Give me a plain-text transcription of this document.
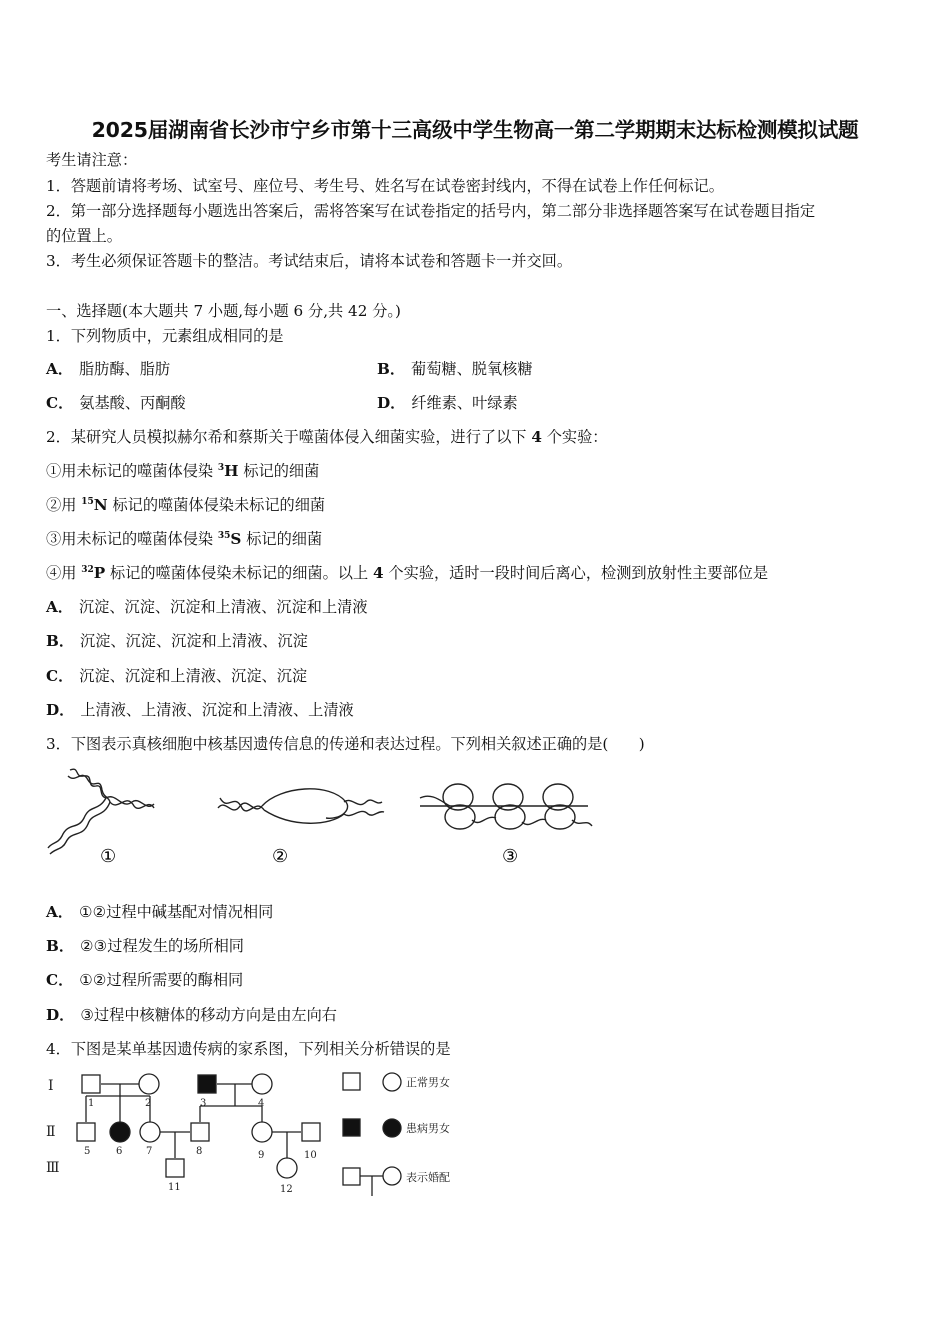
2025届湖南省长沙市宁乡市第十三高级中学生物高一第二学期期末达标检测模拟试题
考生请注意：
1．答题前请将考场、试室号、座位号、考生号、姓名写在试卷密封线内，不得在试卷上作任何标记。
2．第一部分选择题每小题选出答案后，需将答案写在试卷指定的括号内，第二部分非选择题答案写在试卷题目指定
的位置上。
3．考生必须保证答题卡的整洁。考试结束后，请将本试卷和答题卡一并交回。
一、选择题(本大题共 7 小题,每小题 6 分,共 42 分。)
1．下列物质中，元素组成相同的是
A． 脂肪酶、脂肪	B． 葡萄糖、脱氧核糖
C． 氨基酸、丙酮酸	D． 纤维素、叶绿素
2．某研究人员模拟赫尔希和蔡斯关于噬菌体侵入细菌实验，进行了以下 4 个实验：
①用未标记的噬菌体侵染 $^3$H 标记的细菌
②用 $^{15}$N 标记的噬菌体侵染未标记的细菌
③用未标记的噬菌体侵染 $^{35}$S 标记的细菌
④用 $^{32}$P 标记的噬菌体侵染未标记的细菌。以上 4 个实验，适时一段时间后离心，检测到放射性主要部位是
A． 沉淀、沉淀、沉淀和上清液、沉淀和上清液
B． 沉淀、沉淀、沉淀和上清液、沉淀
C． 沉淀、沉淀和上清液、沉淀、沉淀
D． 上清液、上清液、沉淀和上清液、上清液
3．下图表示真核细胞中核基因遗传信息的传递和表达过程。下列相关叙述正确的是(　　)
①	②	③
A． ①②过程中碱基配对情况相同
B． ②③过程发生的场所相同
C． ①②过程所需要的酶相同
D． ③过程中核糖体的移动方向是由左向右
4．下图是某单基因遗传病的家系图，下列相关分析错误的是
Ⅰ
Ⅱ
Ⅲ
1	2	3	4
5	6 7	8	9	10
11	12
正常男女
患病男女
表示婚配
